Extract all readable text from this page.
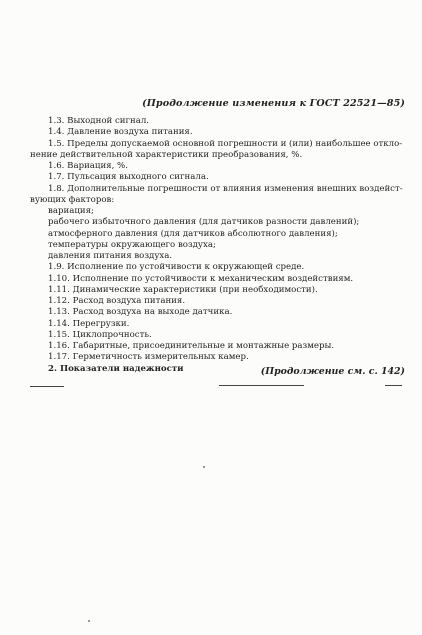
(Продолжение изменения к ГОСТ 22521—85)
1.3. Выходной сигнал.
1.4. Давление воздуха питания.
1.5. Пределы допускаемой основной погрешности и (или) наибольшее откло-
нение действительной характеристики преобразования, %.
1.6. Вариация, %.
1.7. Пульсация выходного сигнала.
1.8. Дополнительные погрешности от влияния изменения внешних воздейст-
вующих факторов:
вариация;
рабочего избыточного давления (для датчиков разности давлений);
атмосферного давления (для датчиков абсолютного давления);
температуры окружающего воздуха;
давления питания воздуха.
1.9. Исполнение по устойчивости к окружающей среде.
1.10. Исполнение по устойчивости к механическим воздействиям.
1.11. Динамические характеристики (при необходимости).
1.12. Расход воздуха питания.
1.13. Расход воздуха на выходе датчика.
1.14. Перегрузки.
1.15. Циклопрочность.
1.16. Габаритные, присоединительные и монтажные размеры.
1.17. Герметичность измерительных камер.
2. Показатели надежности	(Продолжение см. с. 142)
